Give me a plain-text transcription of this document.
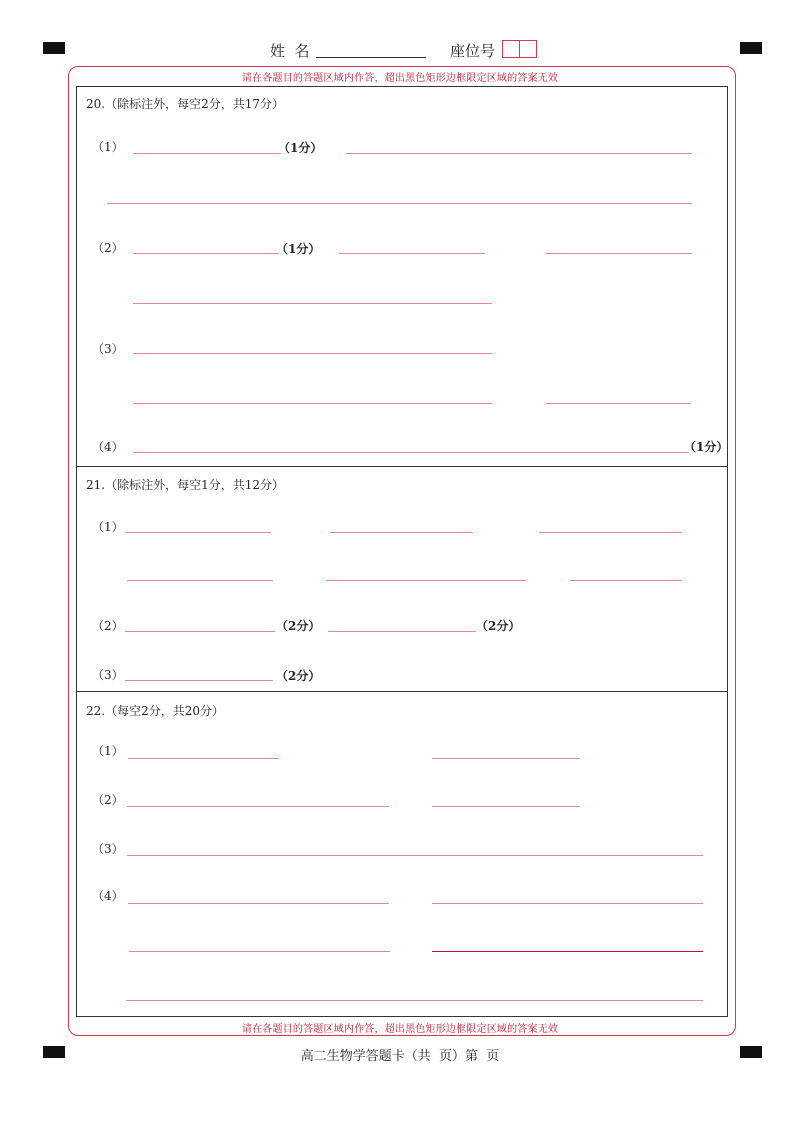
姓  名	座位号
请在各题目的答题区域内作答，超出黑色矩形边框限定区域的答案无效
请在各题目的答题区域内作答，超出黑色矩形边框限定区域的答案无效
20.（除标注外，每空2分，共17分）
（1）	（1分）
（2）	（1分）
（3）
（4）	（1分）
21.（除标注外，每空1分，共12分）
（1）
（2）	（2分）	（2分）
（3）	（2分）
22.（每空2分，共20分）
（1）
（2）
（3）
（4）
高二生物学答题卡（共  页）第  页
